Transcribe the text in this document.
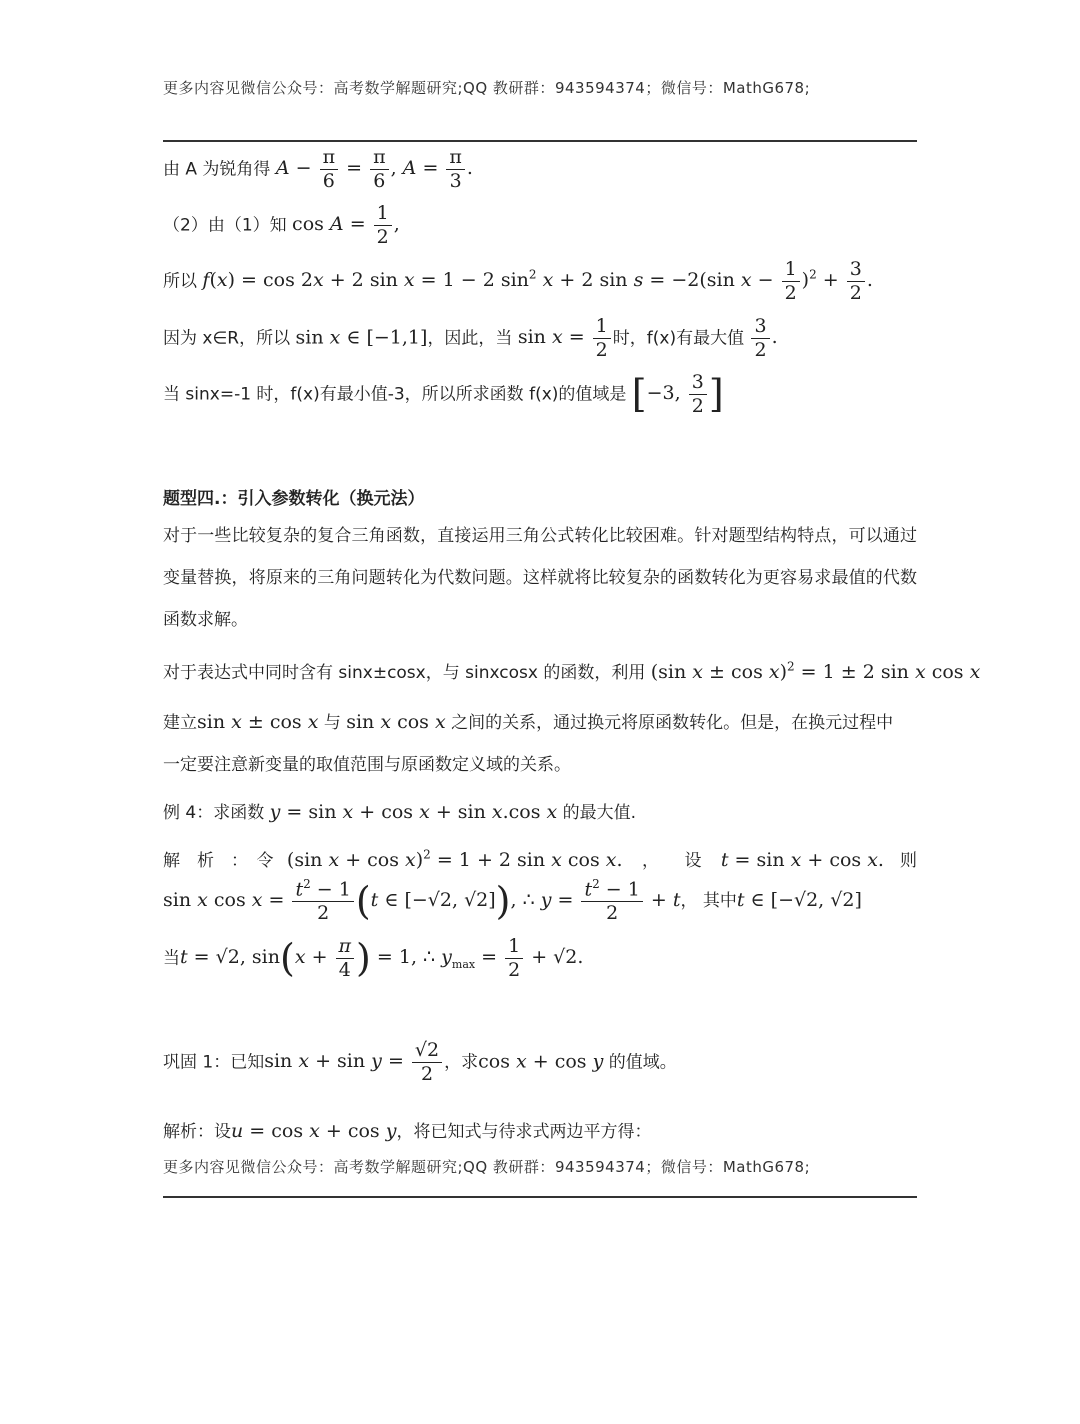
更多内容见微信公众号：高考数学解题研究;QQ 教研群：943594374；微信号：MathG678;
由 A 为锐角得 $A - \frac{\pi}{6} = \frac{\pi}{6}$ , $A = \frac{\pi}{3}$ .
（2）由（1）知 $\cos A = \frac{1}{2}$ ,
所以 f(x) = cos 2x + 2 sin x = 1 − 2 $\sin^2 x + 2$ sin s = −2(sin $x - \frac{1}{2} )^2 + \frac{3}{2}$ .
因为 x∈R，所以 sin x ∈ [−1,1]，因此，当 $\sin x = \frac{1}{2}$ 时，f(x)有最大值 $\frac{3}{2}$ .
当 sinx=-1 时，f(x)有最小值-3，所以所求函数 f(x)的值域是 [−3, $\frac{3}{2}$ ]
题型四.：引入参数转化（换元法）

对于一些比较复杂的复合三角函数，直接运用三角公式转化比较困难。针对题型结构特点，可以通过变量替换，将原来的三角问题转化为代数问题。这样就将比较复杂的函数转化为更容易求最值的代数函数求解。

对于表达式中同时含有 sinx±cosx，与 sinxcosx 的函数，利用 (sin x ± cos x)$^2$ = 1 ± 2 sin x cos x
建立sin x ± cos x 与 sin x cos x 之间的关系，通过换元将原函数转化。但是，在换元过程中
一定要注意新变量的取值范围与原函数定义域的关系。
例 4：求函数 y = sin x + cos x + sin x.cos x 的最大值.
解　析　：　令 (sin x + cos x)$^2$ = 1 + 2 sin x cos x. ，　　设 t = sin x + cos x. 则
sin x $\cos x = \frac{t^2 - 1}{2} (t$ ∈ [−√2, √2]), ∴ $y = \frac{t^2 - 1}{2} + t$， 其中t ∈ [−√2, √2]
当t = √2, $\sin(x + \frac{\pi}{4}$ ) = 1, ∴ $y_{max} = \frac{1}{2} + √2$.
巩固 1：已知$\sin x + \sin y = \frac{√2}{2}$ ，求cos x + cos y 的值域。
解析：设u = cos x + cos y，将已知式与待求式两边平方得：
更多内容见微信公众号：高考数学解题研究;QQ 教研群：943594374；微信号：MathG678;
